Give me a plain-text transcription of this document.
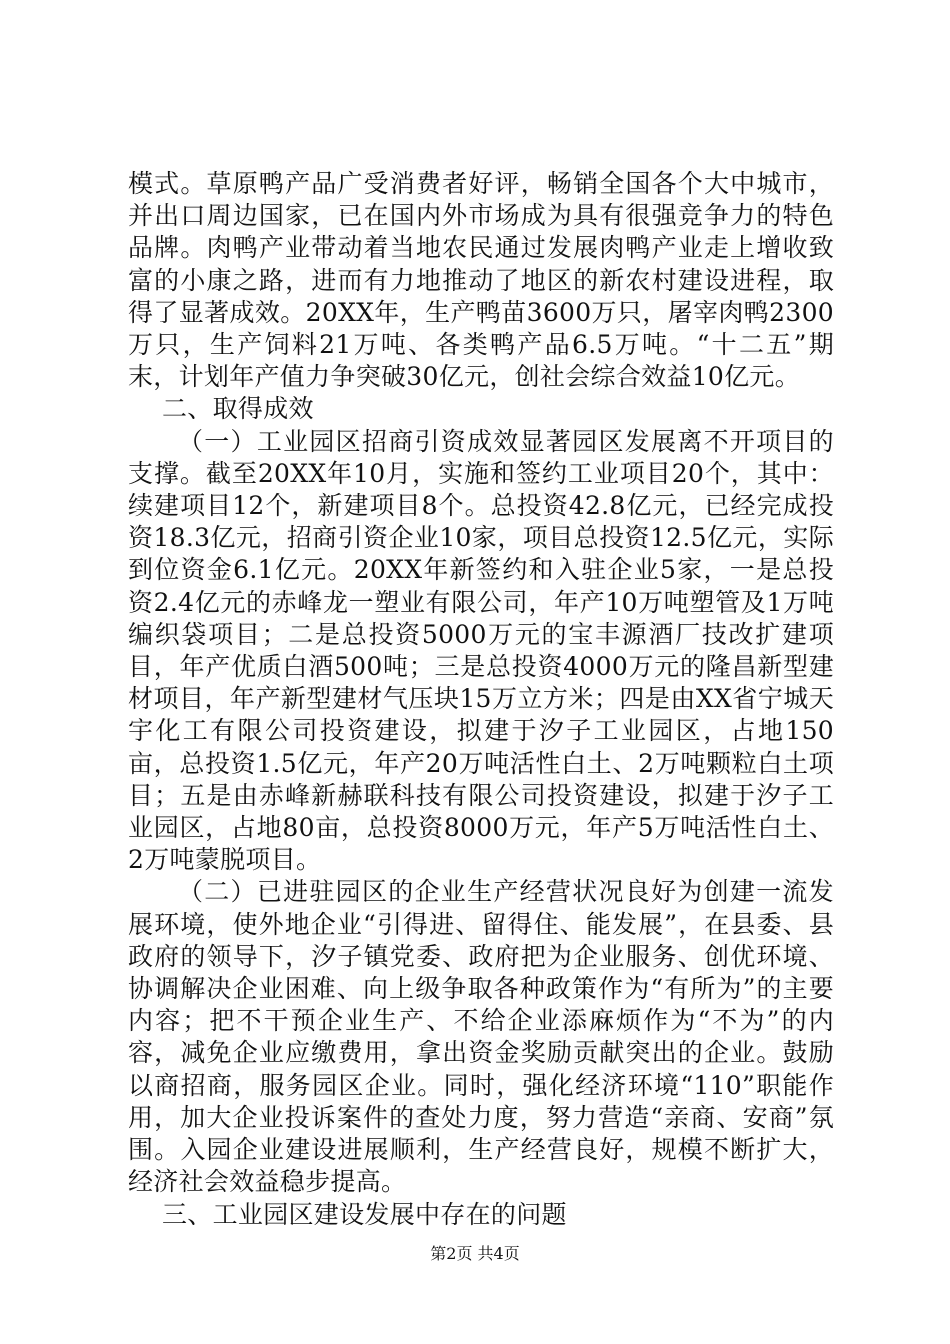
模式。草原鸭产品广受消费者好评，畅销全国各个大中城市，并出口周边国家，已在国内外市场成为具有很强竞争力的特色品牌。肉鸭产业带动着当地农民通过发展肉鸭产业走上增收致富的小康之路，进而有力地推动了地区的新农村建设进程，取得了显著成效。20XX年，生产鸭苗3600万只，屠宰肉鸭2300万只，生产饲料21万吨、各类鸭产品6.5万吨。“十二五”期末，计划年产值力争突破30亿元，创社会综合效益10亿元。

二、取得成效

（一）工业园区招商引资成效显著园区发展离不开项目的支撑。截至20XX年10月，实施和签约工业项目20个，其中：续建项目12个，新建项目8个。总投资42.8亿元，已经完成投资18.3亿元，招商引资企业10家，项目总投资12.5亿元，实际到位资金6.1亿元。20XX年新签约和入驻企业5家，一是总投资2.4亿元的赤峰龙一塑业有限公司，年产10万吨塑管及1万吨编织袋项目；二是总投资5000万元的宝丰源酒厂技改扩建项目，年产优质白酒500吨；三是总投资4000万元的隆昌新型建材项目，年产新型建材气压块15万立方米；四是由XX省宁城天宇化工有限公司投资建设，拟建于汐子工业园区，占地150亩，总投资1.5亿元，年产20万吨活性白土、2万吨颗粒白土项目；五是由赤峰新赫联科技有限公司投资建设，拟建于汐子工业园区，占地80亩，总投资8000万元，年产5万吨活性白土、2万吨蒙脱项目。

（二）已进驻园区的企业生产经营状况良好为创建一流发展环境，使外地企业“引得进、留得住、能发展”，在县委、县政府的领导下，汐子镇党委、政府把为企业服务、创优环境、协调解决企业困难、向上级争取各种政策作为“有所为”的主要内容；把不干预企业生产、不给企业添麻烦作为“不为”的内容，减免企业应缴费用，拿出资金奖励贡献突出的企业。鼓励以商招商，服务园区企业。同时，强化经济环境“110”职能作用，加大企业投诉案件的查处力度，努力营造“亲商、安商”氛围。入园企业建设进展顺利，生产经营良好，规模不断扩大，经济社会效益稳步提高。

三、工业园区建设发展中存在的问题

第2页 共4页
